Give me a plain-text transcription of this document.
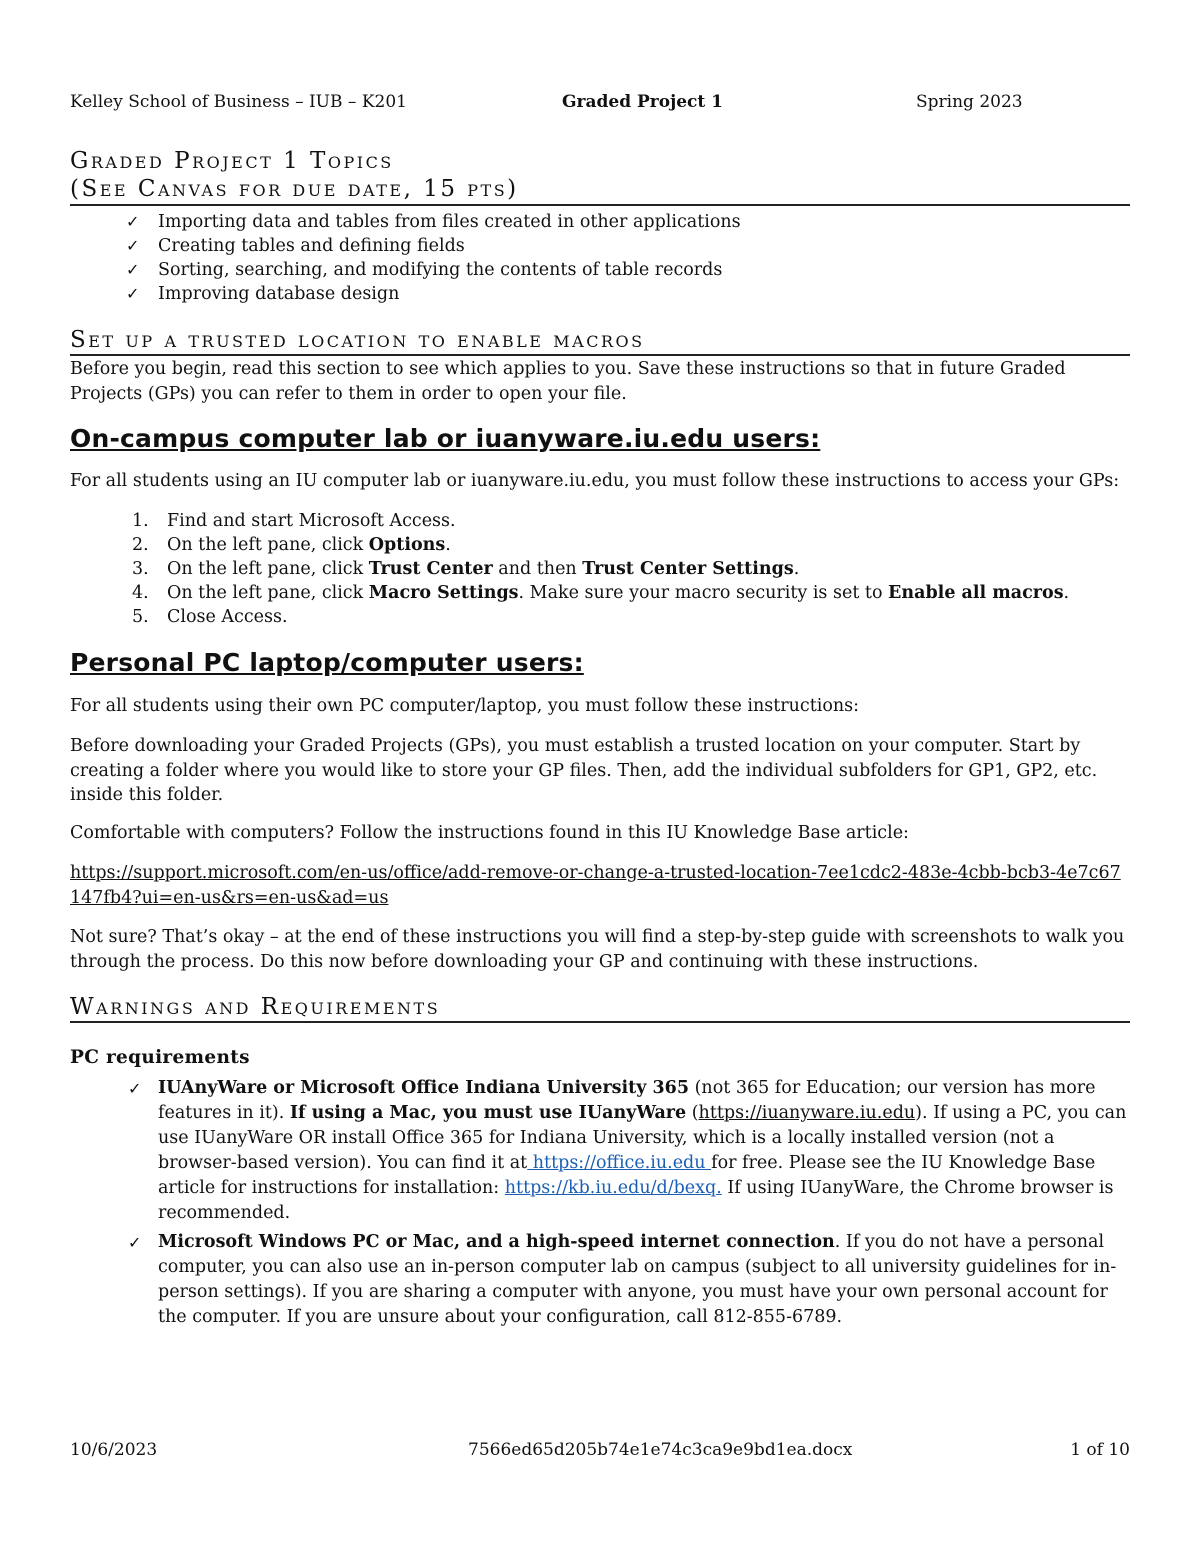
Kelley School of Business – IUB – K201	Graded Project 1	Spring 2023
Graded Project 1 Topics
(See Canvas for due date, 15 pts)
✓ Importing data and tables from files created in other applications
✓ Creating tables and defining fields
✓ Sorting, searching, and modifying the contents of table records
✓ Improving database design
Set up a trusted location to enable macros
Before you begin, read this section to see which applies to you. Save these instructions so that in future Graded Projects (GPs) you can refer to them in order to open your file.
On-campus computer lab or iuanyware.iu.edu users:
For all students using an IU computer lab or iuanyware.iu.edu, you must follow these instructions to access your GPs:
1. Find and start Microsoft Access.
2. On the left pane, click Options.
3. On the left pane, click Trust Center and then Trust Center Settings.
4. On the left pane, click Macro Settings. Make sure your macro security is set to Enable all macros.
5. Close Access.
Personal PC laptop/computer users:
For all students using their own PC computer/laptop, you must follow these instructions:
Before downloading your Graded Projects (GPs), you must establish a trusted location on your computer. Start by creating a folder where you would like to store your GP files. Then, add the individual subfolders for GP1, GP2, etc. inside this folder.
Comfortable with computers? Follow the instructions found in this IU Knowledge Base article:
https://support.microsoft.com/en-us/office/add-remove-or-change-a-trusted-location-7ee1cdc2-483e-4cbb-bcb3-4e7c67147fb4?ui=en-us&rs=en-us&ad=us
Not sure? That’s okay – at the end of these instructions you will find a step-by-step guide with screenshots to walk you through the process. Do this now before downloading your GP and continuing with these instructions.
Warnings and Requirements
PC requirements
✓ IUAnyWare or Microsoft Office Indiana University 365 (not 365 for Education; our version has more features in it). If using a Mac, you must use IUanyWare (https://iuanyware.iu.edu). If using a PC, you can use IUanyWare OR install Office 365 for Indiana University, which is a locally installed version (not a browser-based version). You can find it at https://office.iu.edu for free. Please see the IU Knowledge Base article for instructions for installation: https://kb.iu.edu/d/bexq. If using IUanyWare, the Chrome browser is recommended.
✓ Microsoft Windows PC or Mac, and a high-speed internet connection. If you do not have a personal computer, you can also use an in-person computer lab on campus (subject to all university guidelines for in-person settings). If you are sharing a computer with anyone, you must have your own personal account for the computer. If you are unsure about your configuration, call 812-855-6789.
10/6/2023	7566ed65d205b74e1e74c3ca9e9bd1ea.docx	1 of 10
